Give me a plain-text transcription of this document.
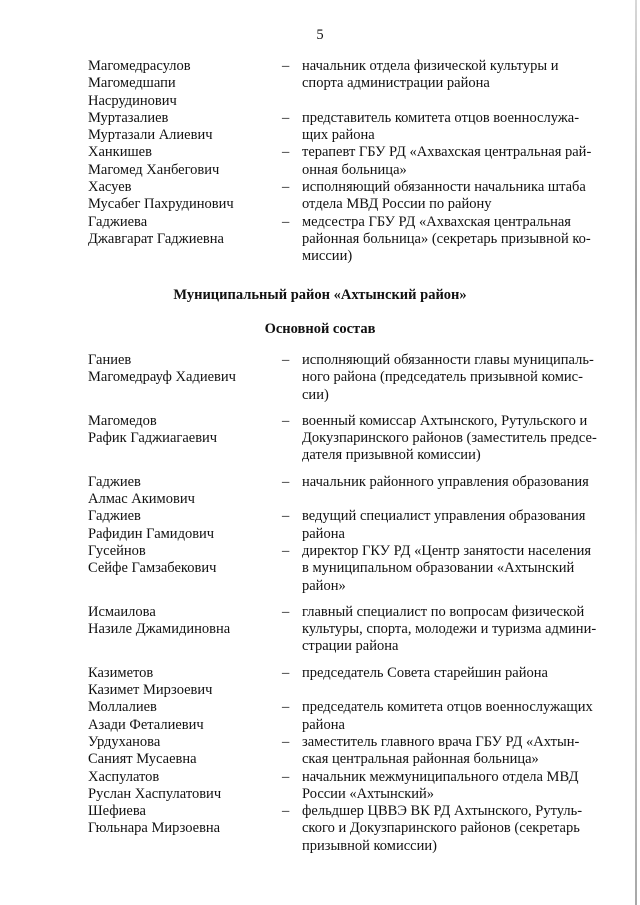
5
Магомедрасулов
Магомедшапи
Насрудинович
– начальник отдела физической культуры и
спорта администрации района
Муртазалиев
Муртазали Алиевич
– представитель комитета отцов военнослужа-
щих района
Ханкишев
Магомед Ханбегович
– терапевт ГБУ РД «Ахвахская центральная рай-
онная больница»
Хасуев
Мусабег Пахрудинович
– исполняющий обязанности начальника штаба
отдела МВД России по району
Гаджиева
Джавгарат Гаджиевна
– медсестра ГБУ РД «Ахвахская центральная
районная больница» (секретарь призывной ко-
миссии)
Муниципальный район «Ахтынский район»
Основной состав
Ганиев
Магомедрауф Хадиевич
– исполняющий обязанности главы муниципаль-
ного района (председатель призывной комис-
сии)
Магомедов
Рафик Гаджиагаевич
– военный комиссар Ахтынского, Рутульского и
Докузпаринского районов (заместитель предсе-
дателя призывной комиссии)
Гаджиев
Алмас Акимович
– начальник районного управления образования
Гаджиев
Рафидин Гамидович
– ведущий специалист управления образования
района
Гусейнов
Сейфе Гамзабекович
– директор ГКУ РД «Центр занятости населения
в муниципальном образовании «Ахтынский
район»
Исмаилова
Назиле Джамидиновна
– главный специалист по вопросам физической
культуры, спорта, молодежи и туризма админи-
страции района
Казиметов
Казимет Мирзоевич
– председатель Совета старейшин района
Моллалиев
Азади Феталиевич
– председатель комитета отцов военнослужащих
района
Урдуханова
Саният Мусаевна
– заместитель главного врача ГБУ РД «Ахтын-
ская центральная районная больница»
Хаспулатов
Руслан Хаспулатович
– начальник межмуниципального отдела МВД
России «Ахтынский»
Шефиева
Гюльнара Мирзоевна
– фельдшер ЦВВЭ ВК РД Ахтынского, Рутуль-
ского и Докузпаринского районов (секретарь
призывной комиссии)
